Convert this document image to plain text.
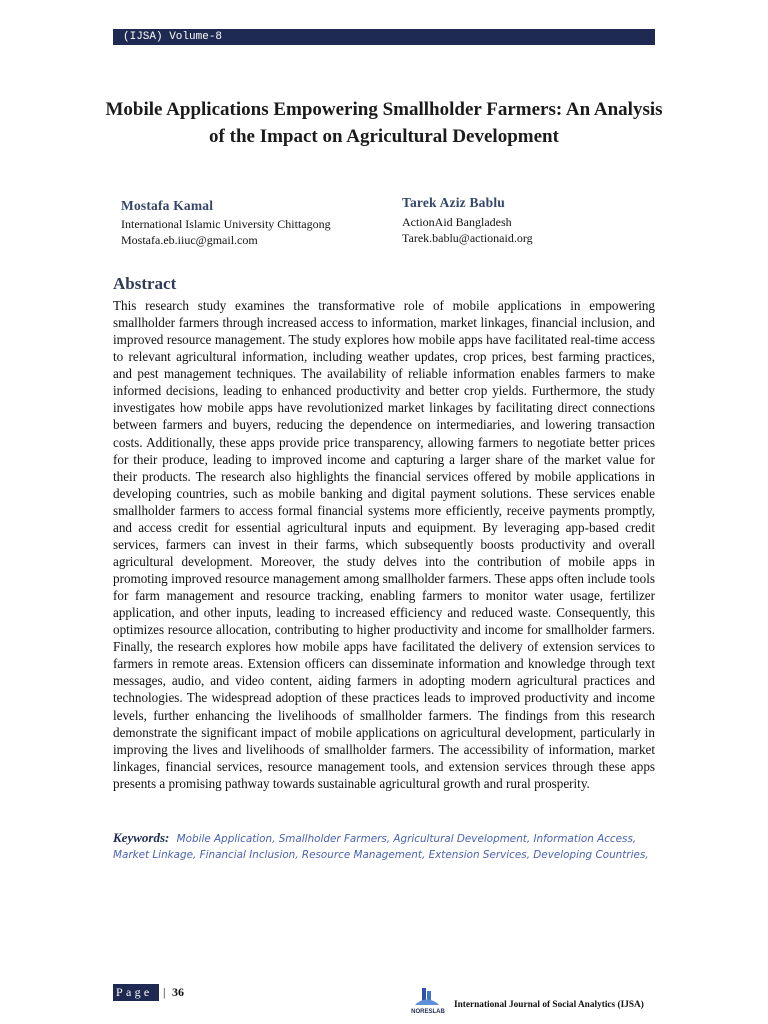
(IJSA) Volume-8
Mobile Applications Empowering Smallholder Farmers: An Analysis of the Impact on Agricultural Development
Mostafa Kamal
International Islamic University Chittagong
Mostafa.eb.iiuc@gmail.com
Tarek Aziz Bablu
ActionAid Bangladesh
Tarek.bablu@actionaid.org
Abstract

This research study examines the transformative role of mobile applications in empowering smallholder farmers through increased access to information, market linkages, financial inclusion, and improved resource management. The study explores how mobile apps have facilitated real-time access to relevant agricultural information, including weather updates, crop prices, best farming practices, and pest management techniques. The availability of reliable information enables farmers to make informed decisions, leading to enhanced productivity and better crop yields. Furthermore, the study investigates how mobile apps have revolutionized market linkages by facilitating direct connections between farmers and buyers, reducing the dependence on intermediaries, and lowering transaction costs. Additionally, these apps provide price transparency, allowing farmers to negotiate better prices for their produce, leading to improved income and capturing a larger share of the market value for their products. The research also highlights the financial services offered by mobile applications in developing countries, such as mobile banking and digital payment solutions. These services enable smallholder farmers to access formal financial systems more efficiently, receive payments promptly, and access credit for essential agricultural inputs and equipment. By leveraging app-based credit services, farmers can invest in their farms, which subsequently boosts productivity and overall agricultural development. Moreover, the study delves into the contribution of mobile apps in promoting improved resource management among smallholder farmers. These apps often include tools for farm management and resource tracking, enabling farmers to monitor water usage, fertilizer application, and other inputs, leading to increased efficiency and reduced waste. Consequently, this optimizes resource allocation, contributing to higher productivity and income for smallholder farmers. Finally, the research explores how mobile apps have facilitated the delivery of extension services to farmers in remote areas. Extension officers can disseminate information and knowledge through text messages, audio, and video content, aiding farmers in adopting modern agricultural practices and technologies. The widespread adoption of these practices leads to improved productivity and income levels, further enhancing the livelihoods of smallholder farmers. The findings from this research demonstrate the significant impact of mobile applications on agricultural development, particularly in improving the lives and livelihoods of smallholder farmers. The accessibility of information, market linkages, financial services, resource management tools, and extension services through these apps presents a promising pathway towards sustainable agricultural growth and rural prosperity.

Keywords: Mobile Application, Smallholder Farmers, Agricultural Development, Information Access, Market Linkage, Financial Inclusion, Resource Management, Extension Services, Developing Countries,

Page | 36
NORESLAB
International Journal of Social Analytics (IJSA)
